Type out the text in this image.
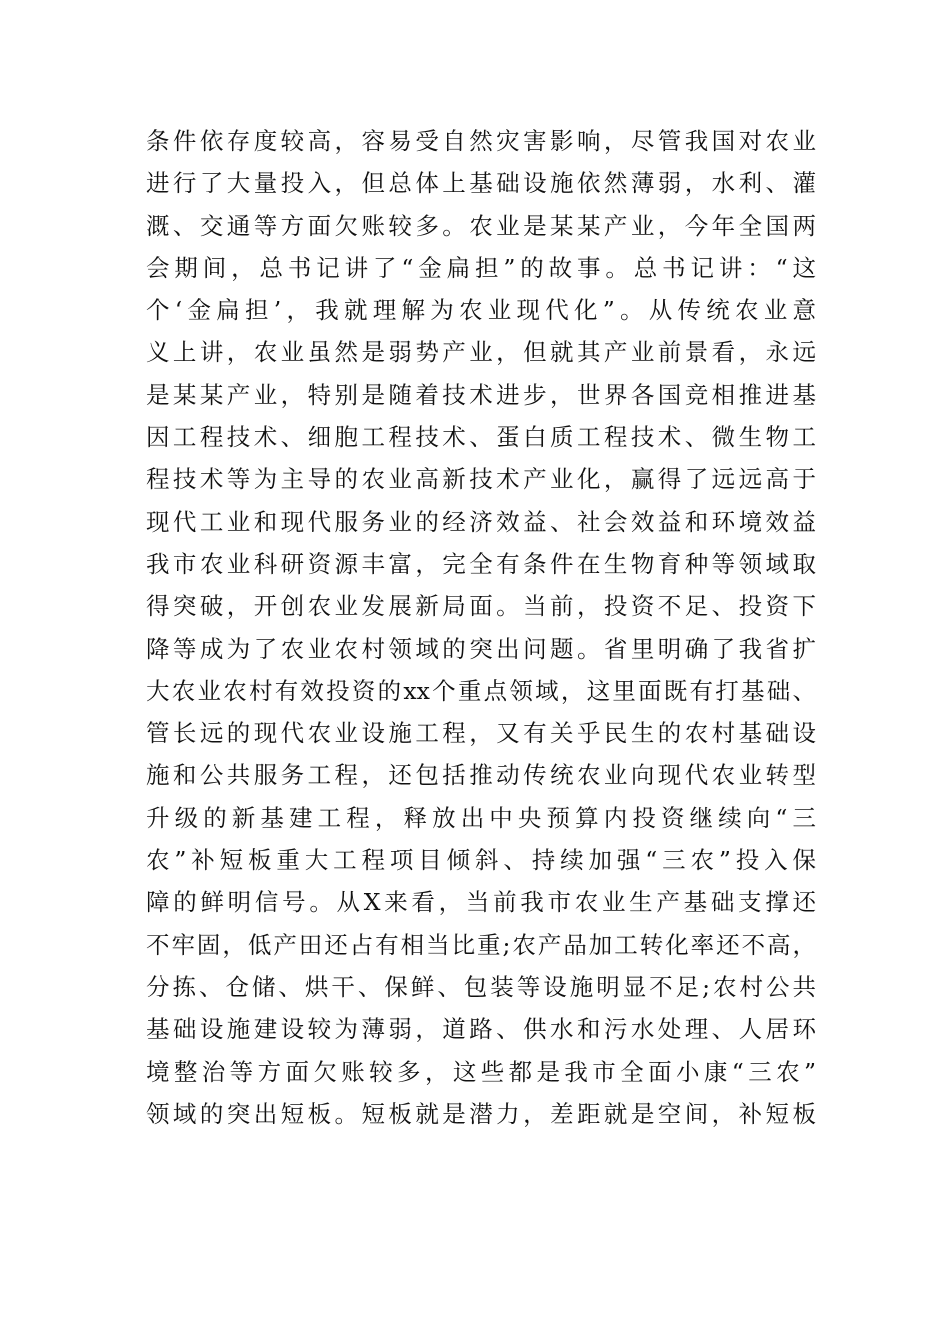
条件依存度较高，容易受自然灾害影响，尽管我国对农业
进行了大量投入，但总体上基础设施依然薄弱，水利、灌
溉、交通等方面欠账较多。农业是某某产业，今年全国两
会期间，总书记讲了“金扁担”的故事。总书记讲：“这
个‘金扁担’，我就理解为农业现代化”。从传统农业意
义上讲，农业虽然是弱势产业，但就其产业前景看，永远
是某某产业，特别是随着技术进步，世界各国竞相推进基
因工程技术、细胞工程技术、蛋白质工程技术、微生物工
程技术等为主导的农业高新技术产业化，赢得了远远高于
现代工业和现代服务业的经济效益、社会效益和环境效益
我市农业科研资源丰富，完全有条件在生物育种等领域取
得突破，开创农业发展新局面。当前，投资不足、投资下
降等成为了农业农村领域的突出问题。省里明确了我省扩
大农业农村有效投资的xx个重点领域，这里面既有打基础、
管长远的现代农业设施工程，又有关乎民生的农村基础设
施和公共服务工程，还包括推动传统农业向现代农业转型
升级的新基建工程，释放出中央预算内投资继续向“三
农”补短板重大工程项目倾斜、持续加强“三农”投入保
障的鲜明信号。从X来看，当前我市农业生产基础支撑还
不牢固，低产田还占有相当比重;农产品加工转化率还不高，
分拣、仓储、烘干、保鲜、包装等设施明显不足;农村公共
基础设施建设较为薄弱，道路、供水和污水处理、人居环
境整治等方面欠账较多，这些都是我市全面小康“三农”
领域的突出短板。短板就是潜力，差距就是空间，补短板
